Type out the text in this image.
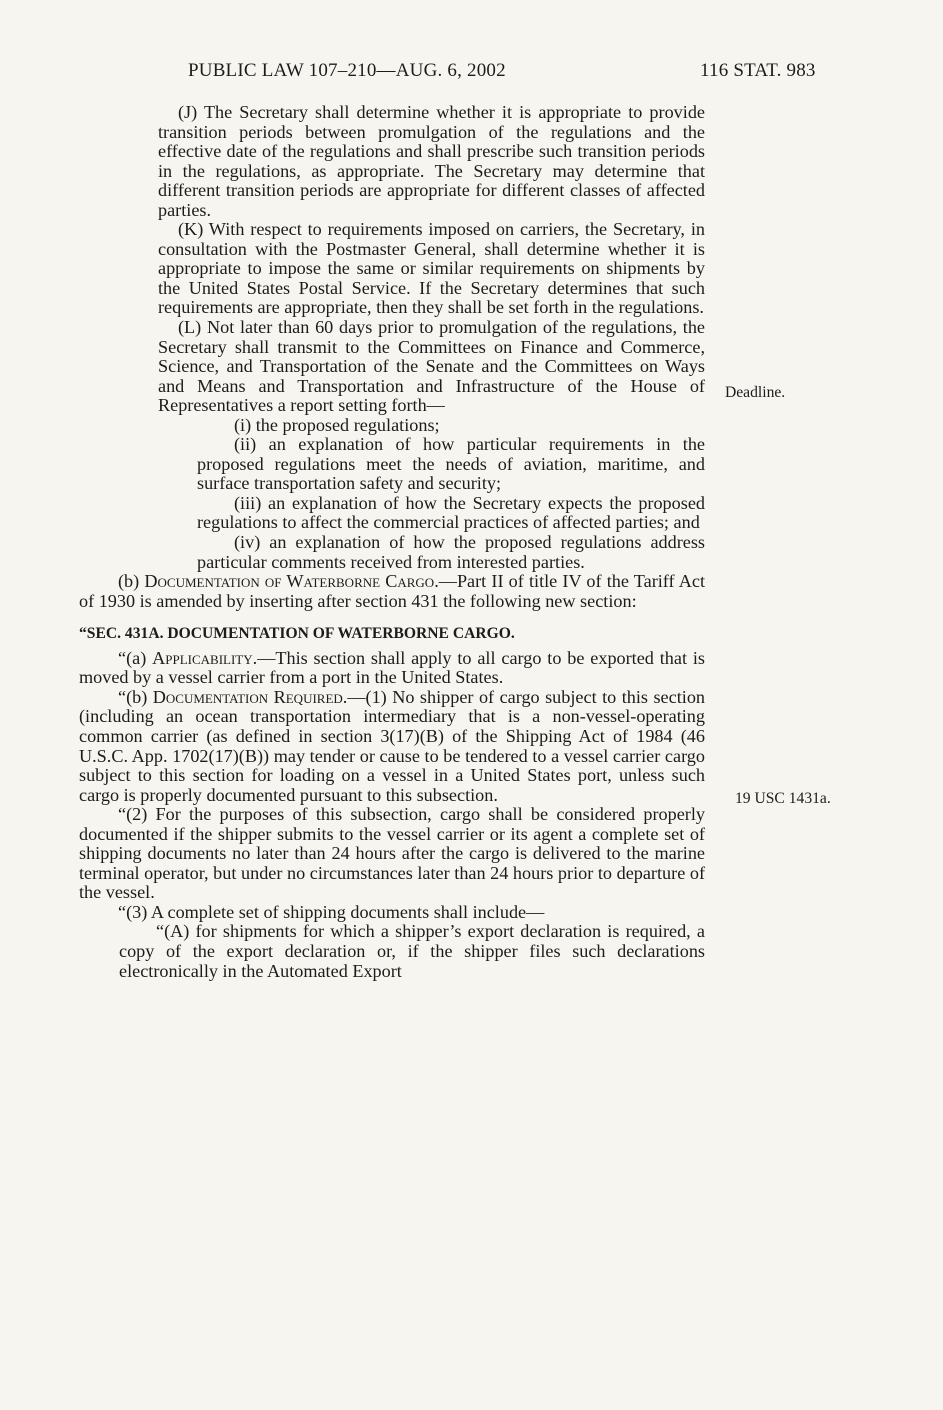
PUBLIC LAW 107–210—AUG. 6, 2002	116 STAT. 983

(J) The Secretary shall determine whether it is appropriate to provide transition periods between promulgation of the regulations and the effective date of the regulations and shall prescribe such transition periods in the regulations, as appropriate. The Secretary may determine that different transition periods are appropriate for different classes of affected parties.

(K) With respect to requirements imposed on carriers, the Secretary, in consultation with the Postmaster General, shall determine whether it is appropriate to impose the same or similar requirements on shipments by the United States Postal Service. If the Secretary determines that such requirements are appropriate, then they shall be set forth in the regulations.

(L) Not later than 60 days prior to promulgation of the regulations, the Secretary shall transmit to the Committees on Finance and Commerce, Science, and Transportation of the Senate and the Committees on Ways and Means and Transportation and Infrastructure of the House of Representatives a report setting forth—

(i) the proposed regulations;

(ii) an explanation of how particular requirements in the proposed regulations meet the needs of aviation, maritime, and surface transportation safety and security;

(iii) an explanation of how the Secretary expects the proposed regulations to affect the commercial practices of affected parties; and

(iv) an explanation of how the proposed regulations address particular comments received from interested parties.

(b) Documentation of Waterborne Cargo.—Part II of title IV of the Tariff Act of 1930 is amended by inserting after section 431 the following new section:

“SEC. 431A. DOCUMENTATION OF WATERBORNE CARGO.

“(a) Applicability.—This section shall apply to all cargo to be exported that is moved by a vessel carrier from a port in the United States.

“(b) Documentation Required.—(1) No shipper of cargo subject to this section (including an ocean transportation intermediary that is a non-vessel-operating common carrier (as defined in section 3(17)(B) of the Shipping Act of 1984 (46 U.S.C. App. 1702(17)(B)) may tender or cause to be tendered to a vessel carrier cargo subject to this section for loading on a vessel in a United States port, unless such cargo is properly documented pursuant to this subsection.

“(2) For the purposes of this subsection, cargo shall be considered properly documented if the shipper submits to the vessel carrier or its agent a complete set of shipping documents no later than 24 hours after the cargo is delivered to the marine terminal operator, but under no circumstances later than 24 hours prior to departure of the vessel.

“(3) A complete set of shipping documents shall include—

“(A) for shipments for which a shipper’s export declaration is required, a copy of the export declaration or, if the shipper files such declarations electronically in the Automated Export

Deadline.
19 USC 1431a.
